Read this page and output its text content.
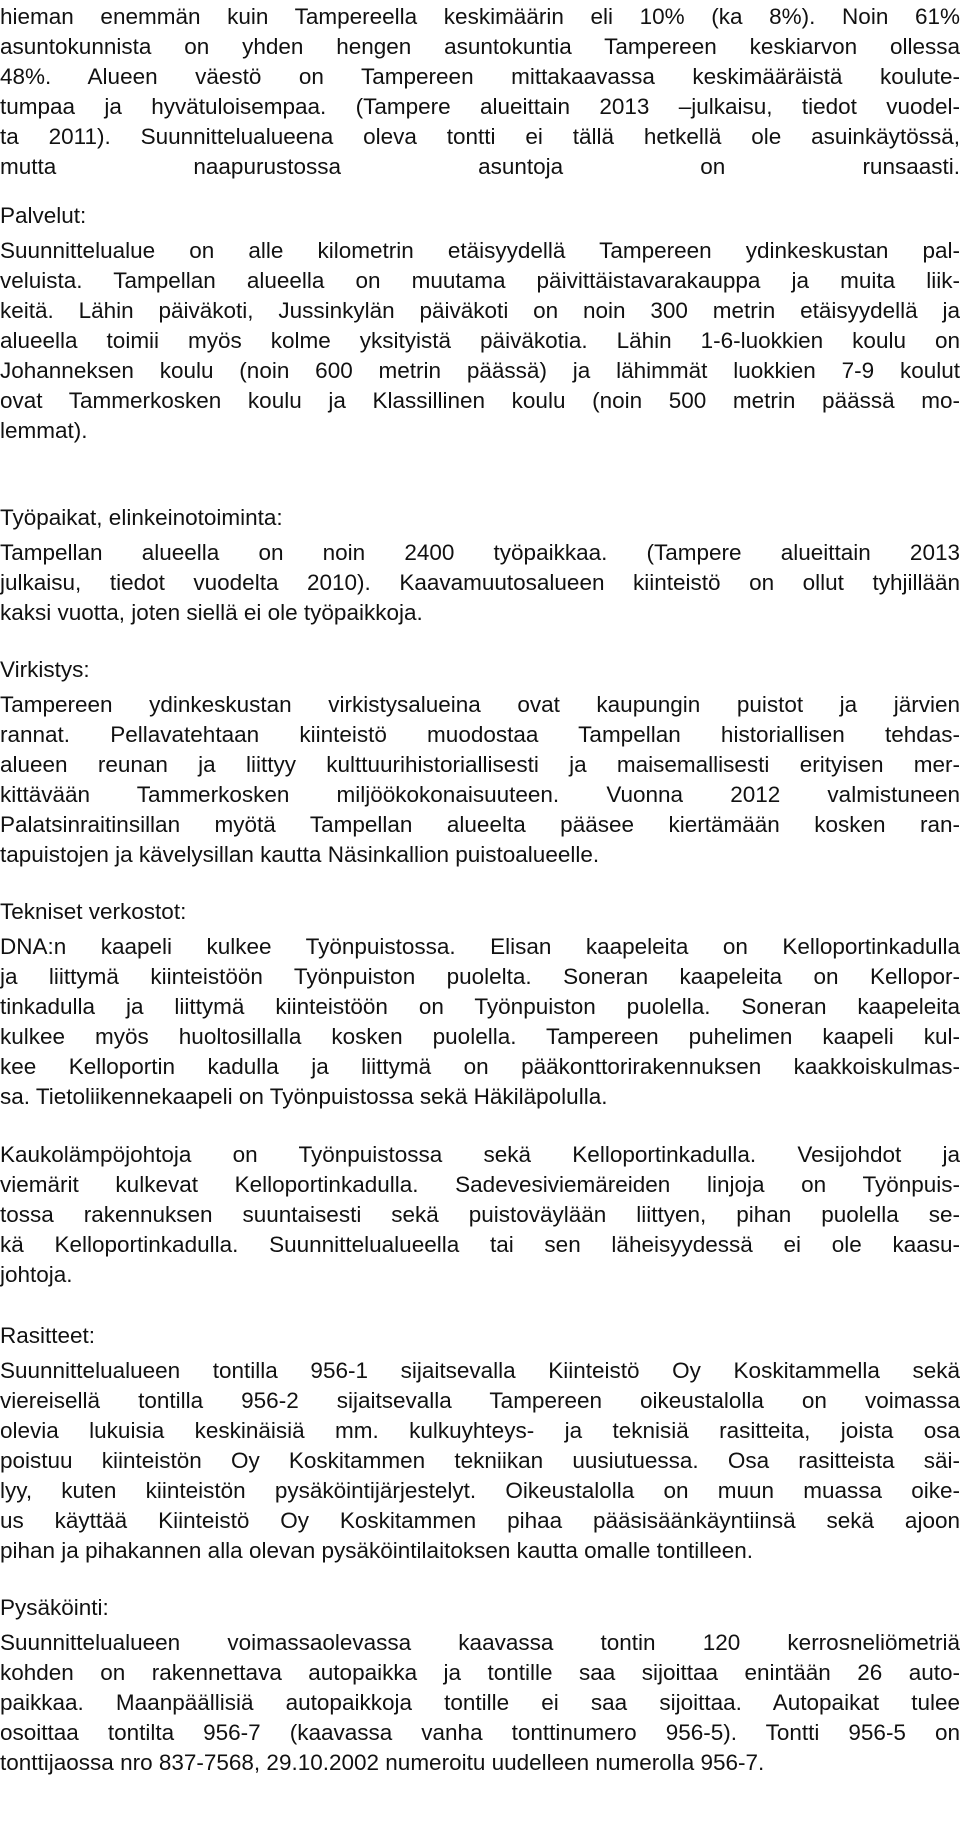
hieman enemmän kuin Tampereella keskimäärin eli 10% (ka 8%). Noin 61%
asuntokunnista on yhden hengen asuntokuntia Tampereen keskiarvon ollessa
48%. Alueen väestö on Tampereen mittakaavassa keskimääräistä koulute-
tumpaa ja hyvätuloisempaa. (Tampere alueittain 2013 –julkaisu, tiedot vuodel-
ta 2011). Suunnittelualueena oleva tontti ei tällä hetkellä ole asuinkäytössä,
mutta naapurustossa asuntoja on runsaasti.
Palvelut:
Suunnittelualue on alle kilometrin etäisyydellä Tampereen ydinkeskustan pal-
veluista. Tampellan alueella on muutama päivittäistavarakauppa ja muita liik-
keitä. Lähin päiväkoti, Jussinkylän päiväkoti on noin 300 metrin etäisyydellä ja
alueella toimii myös kolme yksityistä päiväkotia. Lähin 1-6-luokkien koulu on
Johanneksen koulu (noin 600 metrin päässä) ja lähimmät luokkien 7-9 koulut
ovat Tammerkosken koulu ja Klassillinen koulu (noin 500 metrin päässä mo-
lemmat).
Työpaikat, elinkeinotoiminta:
Tampellan alueella on noin 2400 työpaikkaa. (Tampere alueittain 2013
julkaisu, tiedot vuodelta 2010). Kaavamuutosalueen kiinteistö on ollut tyhjillään
kaksi vuotta, joten siellä ei ole työpaikkoja.
Virkistys:
Tampereen ydinkeskustan virkistysalueina ovat kaupungin puistot ja järvien
rannat. Pellavatehtaan kiinteistö muodostaa Tampellan historiallisen tehdas-
alueen reunan ja liittyy kulttuurihistoriallisesti ja maisemallisesti erityisen mer-
kittävään Tammerkosken miljöökokonaisuuteen. Vuonna 2012 valmistuneen
Palatsinraitinsillan myötä Tampellan alueelta pääsee kiertämään kosken ran-
tapuistojen ja kävelysillan kautta Näsinkallion puistoalueelle.
Tekniset verkostot:
DNA:n kaapeli kulkee Työnpuistossa. Elisan kaapeleita on Kelloportinkadulla
ja liittymä kiinteistöön Työnpuiston puolelta. Soneran kaapeleita on Kellopor-
tinkadulla ja liittymä kiinteistöön on Työnpuiston puolella. Soneran kaapeleita
kulkee myös huoltosillalla kosken puolella. Tampereen puhelimen kaapeli kul-
kee Kelloportin kadulla ja liittymä on pääkonttorirakennuksen kaakkoiskulmas-
sa. Tietoliikennekaapeli on Työnpuistossa sekä Häkiläpolulla.
Kaukolämpöjohtoja on Työnpuistossa sekä Kelloportinkadulla. Vesijohdot ja
viemärit kulkevat Kelloportinkadulla. Sadevesiviemäreiden linjoja on Työnpuis-
tossa rakennuksen suuntaisesti sekä puistoväylään liittyen, pihan puolella se-
kä Kelloportinkadulla. Suunnittelualueella tai sen läheisyydessä ei ole kaasu-
johtoja.
Rasitteet:
Suunnittelualueen tontilla 956-1 sijaitsevalla Kiinteistö Oy Koskitammella sekä
viereisellä tontilla 956-2 sijaitsevalla Tampereen oikeustalolla on voimassa
olevia lukuisia keskinäisiä mm. kulkuyhteys- ja teknisiä rasitteita, joista osa
poistuu kiinteistön Oy Koskitammen tekniikan uusiutuessa. Osa rasitteista säi-
lyy, kuten kiinteistön pysäköintijärjestelyt. Oikeustalolla on muun muassa oike-
us käyttää Kiinteistö Oy Koskitammen pihaa pääsisäänkäyntiinsä sekä ajoon
pihan ja pihakannen alla olevan pysäköintilaitoksen kautta omalle tontilleen.
Pysäköinti:
Suunnittelualueen voimassaolevassa kaavassa tontin 120 kerrosneliömetriä
kohden on rakennettava autopaikka ja tontille saa sijoittaa enintään 26 auto-
paikkaa. Maanpäällisiä autopaikkoja tontille ei saa sijoittaa. Autopaikat tulee
osoittaa tontilta 956-7 (kaavassa vanha tonttinumero 956-5). Tontti 956-5 on
tonttijaossa nro 837-7568, 29.10.2002 numeroitu uudelleen numerolla 956-7.
